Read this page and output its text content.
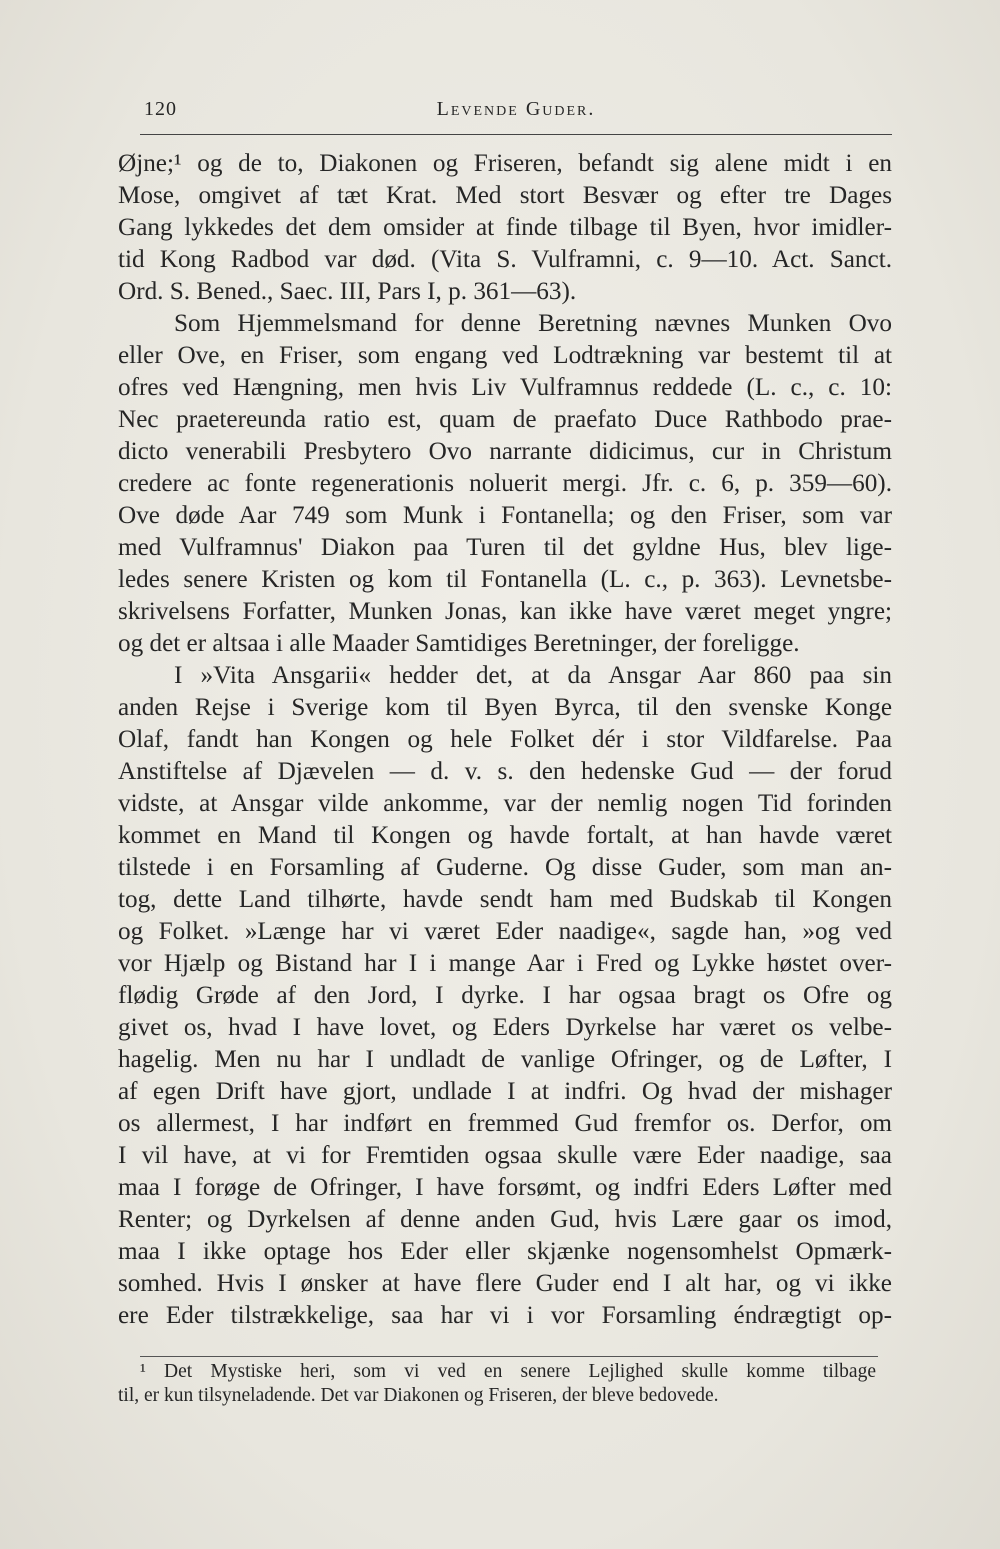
120	Levende Guder.
Øjne;¹ og de to, Diakonen og Friseren, befandt sig alene midt i en
Mose, omgivet af tæt Krat. Med stort Besvær og efter tre Dages
Gang lykkedes det dem omsider at finde tilbage til Byen, hvor imidler-
tid Kong Radbod var død. (Vita S. Vulframni, c. 9—10. Act. Sanct.
Ord. S. Bened., Saec. III, Pars I, p. 361—63).
Som Hjemmelsmand for denne Beretning nævnes Munken Ovo
eller Ove, en Friser, som engang ved Lodtrækning var bestemt til at
ofres ved Hængning, men hvis Liv Vulframnus reddede (L. c., c. 10:
Nec praetereunda ratio est, quam de praefato Duce Rathbodo prae-
dicto venerabili Presbytero Ovo narrante didicimus, cur in Christum
credere ac fonte regenerationis noluerit mergi. Jfr. c. 6, p. 359—60).
Ove døde Aar 749 som Munk i Fontanella; og den Friser, som var
med Vulframnus' Diakon paa Turen til det gyldne Hus, blev lige-
ledes senere Kristen og kom til Fontanella (L. c., p. 363). Levnetsbe-
skrivelsens Forfatter, Munken Jonas, kan ikke have været meget yngre;
og det er altsaa i alle Maader Samtidiges Beretninger, der foreligge.
I »Vita Ansgarii« hedder det, at da Ansgar Aar 860 paa sin
anden Rejse i Sverige kom til Byen Byrca, til den svenske Konge
Olaf, fandt han Kongen og hele Folket dér i stor Vildfarelse. Paa
Anstiftelse af Djævelen — d. v. s. den hedenske Gud — der forud
vidste, at Ansgar vilde ankomme, var der nemlig nogen Tid forinden
kommet en Mand til Kongen og havde fortalt, at han havde været
tilstede i en Forsamling af Guderne. Og disse Guder, som man an-
tog, dette Land tilhørte, havde sendt ham med Budskab til Kongen
og Folket. »Længe har vi været Eder naadige«, sagde han, »og ved
vor Hjælp og Bistand har I i mange Aar i Fred og Lykke høstet over-
flødig Grøde af den Jord, I dyrke. I har ogsaa bragt os Ofre og
givet os, hvad I have lovet, og Eders Dyrkelse har været os velbe-
hagelig. Men nu har I undladt de vanlige Ofringer, og de Løfter, I
af egen Drift have gjort, undlade I at indfri. Og hvad der mishager
os allermest, I har indført en fremmed Gud fremfor os. Derfor, om
I vil have, at vi for Fremtiden ogsaa skulle være Eder naadige, saa
maa I forøge de Ofringer, I have forsømt, og indfri Eders Løfter med
Renter; og Dyrkelsen af denne anden Gud, hvis Lære gaar os imod,
maa I ikke optage hos Eder eller skjænke nogensomhelst Opmærk-
somhed. Hvis I ønsker at have flere Guder end I alt har, og vi ikke
ere Eder tilstrækkelige, saa har vi i vor Forsamling éndrægtigt op-
¹ Det Mystiske heri, som vi ved en senere Lejlighed skulle komme tilbage
til, er kun tilsyneladende. Det var Diakonen og Friseren, der bleve bedovede.
